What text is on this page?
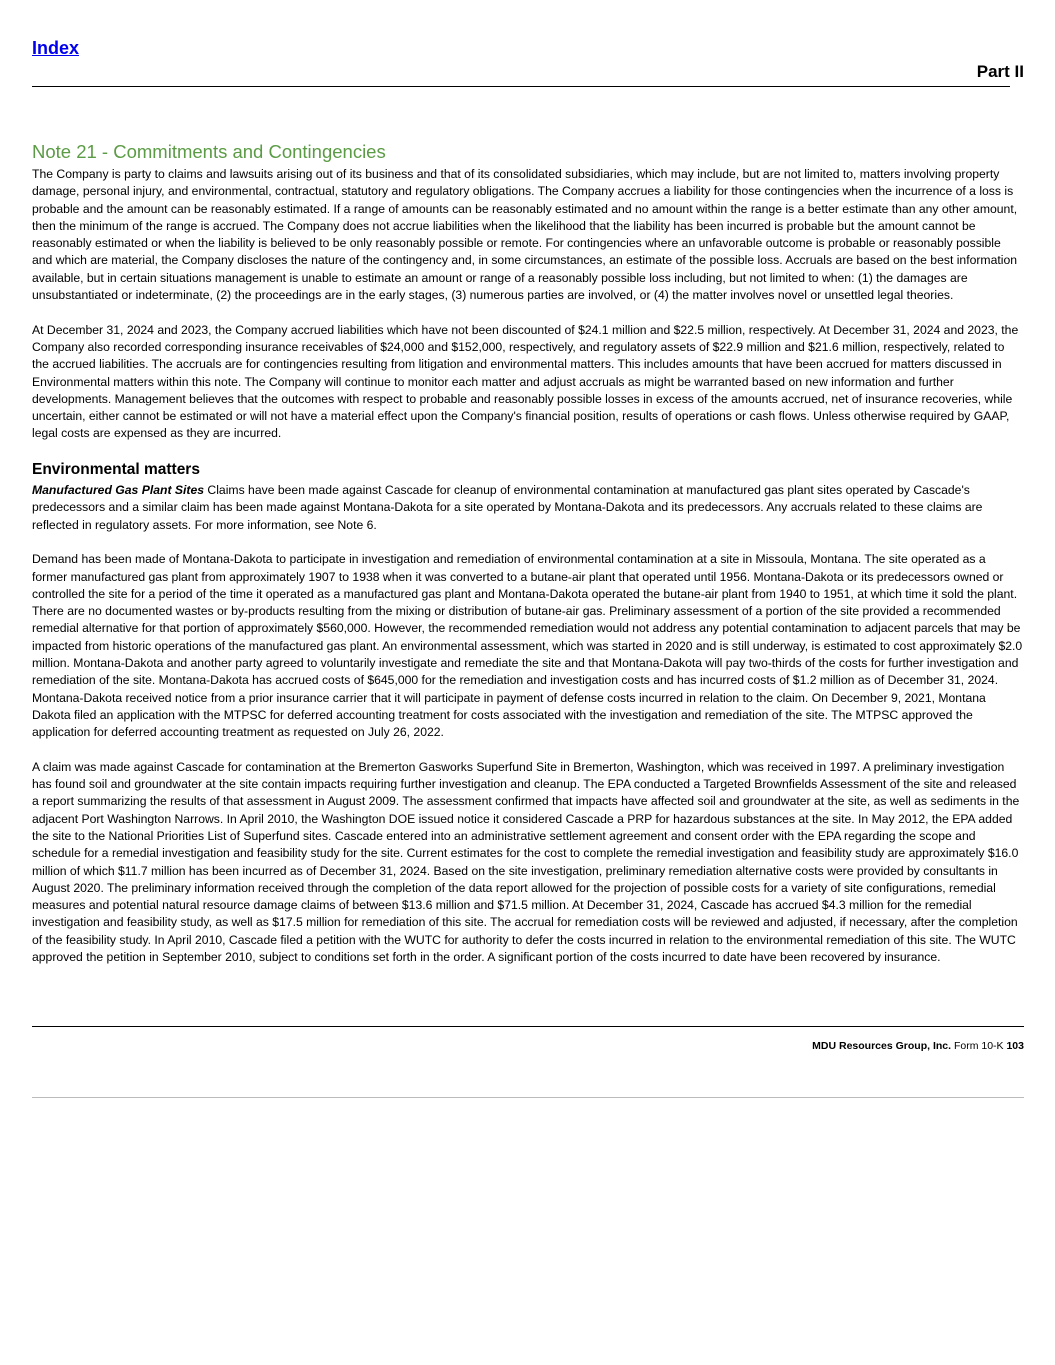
Index
Part II
Note 21 - Commitments and Contingencies

The Company is party to claims and lawsuits arising out of its business and that of its consolidated subsidiaries, which may include, but are not limited to, matters involving property damage, personal injury, and environmental, contractual, statutory and regulatory obligations. The Company accrues a liability for those contingencies when the incurrence of a loss is probable and the amount can be reasonably estimated. If a range of amounts can be reasonably estimated and no amount within the range is a better estimate than any other amount, then the minimum of the range is accrued. The Company does not accrue liabilities when the likelihood that the liability has been incurred is probable but the amount cannot be reasonably estimated or when the liability is believed to be only reasonably possible or remote. For contingencies where an unfavorable outcome is probable or reasonably possible and which are material, the Company discloses the nature of the contingency and, in some circumstances, an estimate of the possible loss. Accruals are based on the best information available, but in certain situations management is unable to estimate an amount or range of a reasonably possible loss including, but not limited to when: (1) the damages are unsubstantiated or indeterminate, (2) the proceedings are in the early stages, (3) numerous parties are involved, or (4) the matter involves novel or unsettled legal theories.

At December 31, 2024 and 2023, the Company accrued liabilities which have not been discounted of $24.1 million and $22.5 million, respectively. At December 31, 2024 and 2023, the Company also recorded corresponding insurance receivables of $24,000 and $152,000, respectively, and regulatory assets of $22.9 million and $21.6 million, respectively, related to the accrued liabilities. The accruals are for contingencies resulting from litigation and environmental matters. This includes amounts that have been accrued for matters discussed in Environmental matters within this note. The Company will continue to monitor each matter and adjust accruals as might be warranted based on new information and further developments. Management believes that the outcomes with respect to probable and reasonably possible losses in excess of the amounts accrued, net of insurance recoveries, while uncertain, either cannot be estimated or will not have a material effect upon the Company's financial position, results of operations or cash flows. Unless otherwise required by GAAP, legal costs are expensed as they are incurred.

Environmental matters

Manufactured Gas Plant Sites Claims have been made against Cascade for cleanup of environmental contamination at manufactured gas plant sites operated by Cascade's predecessors and a similar claim has been made against Montana-Dakota for a site operated by Montana-Dakota and its predecessors. Any accruals related to these claims are reflected in regulatory assets. For more information, see Note 6.

Demand has been made of Montana-Dakota to participate in investigation and remediation of environmental contamination at a site in Missoula, Montana. The site operated as a former manufactured gas plant from approximately 1907 to 1938 when it was converted to a butane-air plant that operated until 1956. Montana-Dakota or its predecessors owned or controlled the site for a period of the time it operated as a manufactured gas plant and Montana-Dakota operated the butane-air plant from 1940 to 1951, at which time it sold the plant. There are no documented wastes or by-products resulting from the mixing or distribution of butane-air gas. Preliminary assessment of a portion of the site provided a recommended remedial alternative for that portion of approximately $560,000. However, the recommended remediation would not address any potential contamination to adjacent parcels that may be impacted from historic operations of the manufactured gas plant. An environmental assessment, which was started in 2020 and is still underway, is estimated to cost approximately $2.0 million. Montana-Dakota and another party agreed to voluntarily investigate and remediate the site and that Montana-Dakota will pay two-thirds of the costs for further investigation and remediation of the site. Montana-Dakota has accrued costs of $645,000 for the remediation and investigation costs and has incurred costs of $1.2 million as of December 31, 2024. Montana-Dakota received notice from a prior insurance carrier that it will participate in payment of defense costs incurred in relation to the claim. On December 9, 2021, Montana Dakota filed an application with the MTPSC for deferred accounting treatment for costs associated with the investigation and remediation of the site. The MTPSC approved the application for deferred accounting treatment as requested on July 26, 2022.

A claim was made against Cascade for contamination at the Bremerton Gasworks Superfund Site in Bremerton, Washington, which was received in 1997. A preliminary investigation has found soil and groundwater at the site contain impacts requiring further investigation and cleanup. The EPA conducted a Targeted Brownfields Assessment of the site and released a report summarizing the results of that assessment in August 2009. The assessment confirmed that impacts have affected soil and groundwater at the site, as well as sediments in the adjacent Port Washington Narrows. In April 2010, the Washington DOE issued notice it considered Cascade a PRP for hazardous substances at the site. In May 2012, the EPA added the site to the National Priorities List of Superfund sites. Cascade entered into an administrative settlement agreement and consent order with the EPA regarding the scope and schedule for a remedial investigation and feasibility study for the site. Current estimates for the cost to complete the remedial investigation and feasibility study are approximately $16.0 million of which $11.7 million has been incurred as of December 31, 2024. Based on the site investigation, preliminary remediation alternative costs were provided by consultants in August 2020. The preliminary information received through the completion of the data report allowed for the projection of possible costs for a variety of site configurations, remedial measures and potential natural resource damage claims of between $13.6 million and $71.5 million. At December 31, 2024, Cascade has accrued $4.3 million for the remedial investigation and feasibility study, as well as $17.5 million for remediation of this site. The accrual for remediation costs will be reviewed and adjusted, if necessary, after the completion of the feasibility study. In April 2010, Cascade filed a petition with the WUTC for authority to defer the costs incurred in relation to the environmental remediation of this site. The WUTC approved the petition in September 2010, subject to conditions set forth in the order. A significant portion of the costs incurred to date have been recovered by insurance.

MDU Resources Group, Inc. Form 10-K 103
